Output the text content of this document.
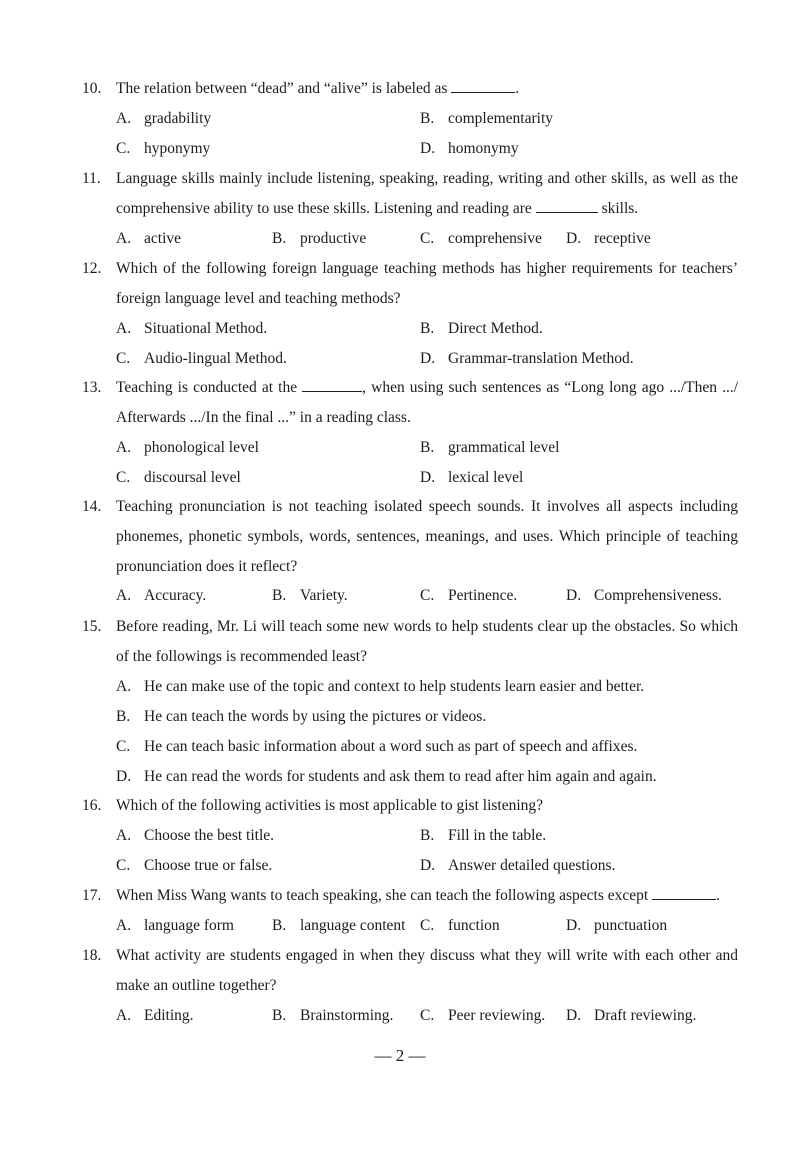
10. The relation between “dead” and “alive” is labeled as	.
A. gradability	B. complementarity
C. hyponymy	D. homonymy
11. Language skills mainly include listening, speaking, reading, writing and other skills, as well as the comprehensive ability to use these skills. Listening and reading are	skills.
A. active	B. productive	C. comprehensive D. receptive
12. Which of the following foreign language teaching methods has higher requirements for teachers’ foreign language level and teaching methods?
A. Situational Method.	B. Direct Method.
C. Audio-lingual Method.	D. Grammar-translation Method.
13. Teaching is conducted at the	, when using such sentences as “Long long ago .../Then .../ Afterwards .../In the final ...” in a reading class.
A. phonological level	B. grammatical level
C. discoursal level	D. lexical level
14. Teaching pronunciation is not teaching isolated speech sounds. It involves all aspects including phonemes, phonetic symbols, words, sentences, meanings, and uses. Which principle of teaching pronunciation does it reflect?
A. Accuracy.	B. Variety.	C. Pertinence.	D. Comprehensiveness.
15. Before reading, Mr. Li will teach some new words to help students clear up the obstacles. So which of the followings is recommended least?
A. He can make use of the topic and context to help students learn easier and better.
B. He can teach the words by using the pictures or videos.
C. He can teach basic information about a word such as part of speech and affixes.
D. He can read the words for students and ask them to read after him again and again.
16. Which of the following activities is most applicable to gist listening?
A. Choose the best title.	B. Fill in the table.
C. Choose true or false.	D. Answer detailed questions.
17. When Miss Wang wants to teach speaking, she can teach the following aspects except	.
A. language form B. language content C. function	D. punctuation
18. What activity are students engaged in when they discuss what they will write with each other and make an outline together?
A. Editing.	B. Brainstorming. C. Peer reviewing. D. Draft reviewing.
— 2 —
